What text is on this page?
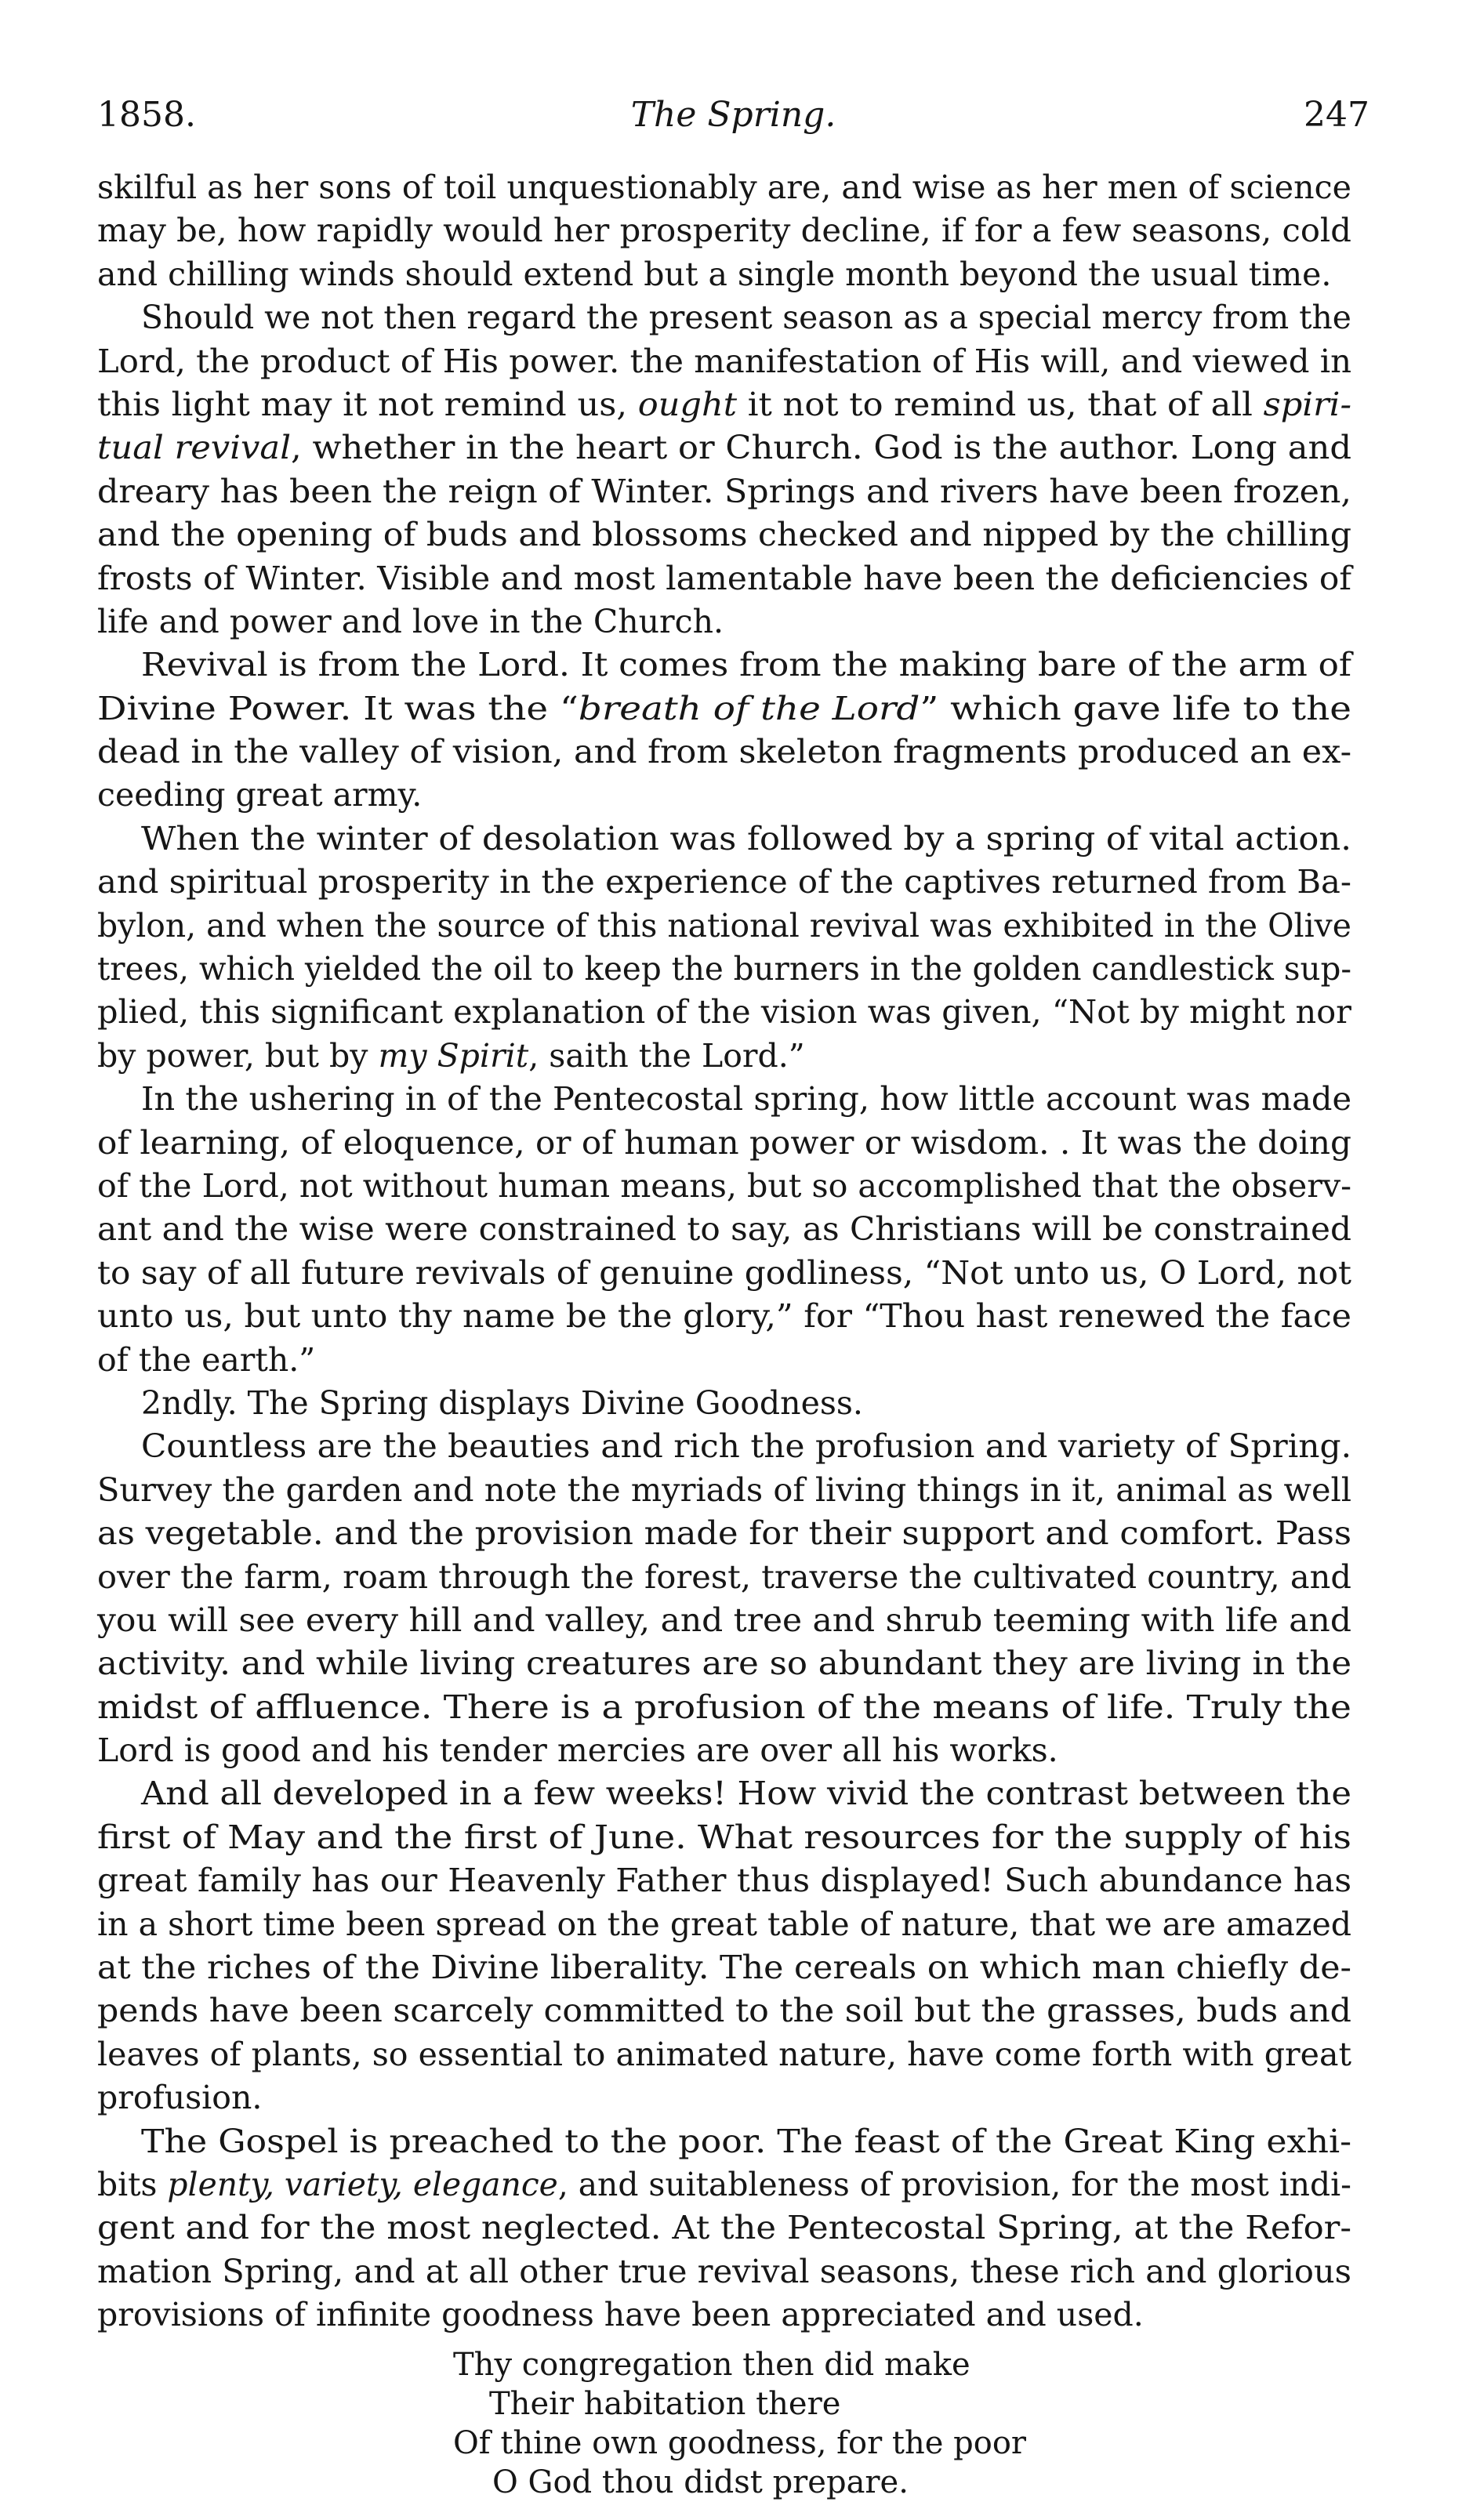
1858.	The Spring.	247
skilful as her sons of toil unquestionably are, and wise as her men of science
may be, how rapidly would her prosperity decline, if for a few seasons, cold
and chilling winds should extend but a single month beyond the usual time.
Should we not then regard the present season as a special mercy from the
Lord, the product of His power. the manifestation of His will, and viewed in
this light may it not remind us, ought it not to remind us, that of all spiri-
tual revival, whether in the heart or Church. God is the author. Long and
dreary has been the reign of Winter. Springs and rivers have been frozen,
and the opening of buds and blossoms checked and nipped by the chilling
frosts of Winter. Visible and most lamentable have been the deficiencies of
life and power and love in the Church.
Revival is from the Lord. It comes from the making bare of the arm of
Divine Power. It was the “breath of the Lord” which gave life to the
dead in the valley of vision, and from skeleton fragments produced an ex-
ceeding great army.
When the winter of desolation was followed by a spring of vital action.
and spiritual prosperity in the experience of the captives returned from Ba-
bylon, and when the source of this national revival was exhibited in the Olive
trees, which yielded the oil to keep the burners in the golden candlestick sup-
plied, this significant explanation of the vision was given, “Not by might nor
by power, but by my Spirit, saith the Lord.”
In the ushering in of the Pentecostal spring, how little account was made
of learning, of eloquence, or of human power or wisdom. . It was the doing
of the Lord, not without human means, but so accomplished that the observ-
ant and the wise were constrained to say, as Christians will be constrained
to say of all future revivals of genuine godliness, “Not unto us, O Lord, not
unto us, but unto thy name be the glory,” for “Thou hast renewed the face
of the earth.”
2ndly. The Spring displays Divine Goodness.
Countless are the beauties and rich the profusion and variety of Spring.
Survey the garden and note the myriads of living things in it, animal as well
as vegetable. and the provision made for their support and comfort. Pass
over the farm, roam through the forest, traverse the cultivated country, and
you will see every hill and valley, and tree and shrub teeming with life and
activity. and while living creatures are so abundant they are living in the
midst of affluence. There is a profusion of the means of life. Truly the
Lord is good and his tender mercies are over all his works.
And all developed in a few weeks! How vivid the contrast between the
first of May and the first of June. What resources for the supply of his
great family has our Heavenly Father thus displayed! Such abundance has
in a short time been spread on the great table of nature, that we are amazed
at the riches of the Divine liberality. The cereals on which man chiefly de-
pends have been scarcely committed to the soil but the grasses, buds and
leaves of plants, so essential to animated nature, have come forth with great
profusion.
The Gospel is preached to the poor. The feast of the Great King exhi-
bits plenty, variety, elegance, and suitableness of provision, for the most indi-
gent and for the most neglected. At the Pentecostal Spring, at the Refor-
mation Spring, and at all other true revival seasons, these rich and glorious
provisions of infinite goodness have been appreciated and used.
Thy congregation then did make
Their habitation there
Of thine own goodness, for the poor
O God thou didst prepare.
